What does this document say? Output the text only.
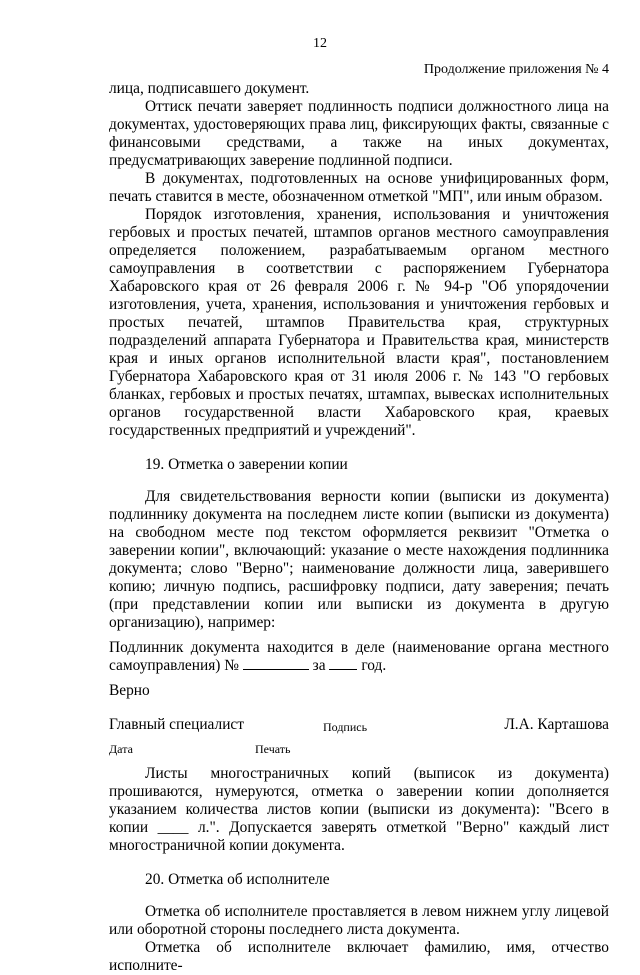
12
Продолжение приложения № 4

лица, подписавшего документ.

Оттиск печати заверяет подлинность подписи должностного лица на документах, удостоверяющих права лиц, фиксирующих факты, связанные с финансовыми средствами, а также на иных документах, предусматривающих заверение подлинной подписи.

В документах, подготовленных на основе унифицированных форм, печать ставится в месте, обозначенном отметкой "МП", или иным образом.

Порядок изготовления, хранения, использования и уничтожения гербовых и простых печатей, штампов органов местного самоуправления определяется положением, разрабатываемым органом местного самоуправления в соответствии с распоряжением Губернатора Хабаровского края от 26 февраля 2006 г. № 94-р "Об упорядочении изготовления, учета, хранения, использования и уничтожения гербовых и простых печатей, штампов Правительства края, структурных подразделений аппарата Губернатора и Правительства края, министерств края и иных органов исполнительной власти края", постановлением Губернатора Хабаровского края от 31 июля 2006 г. № 143 "О гербовых бланках, гербовых и простых печатях, штампах, вывесках исполнительных органов государственной власти Хабаровского края, краевых государственных предприятий и учреждений".

19. Отметка о заверении копии

Для свидетельствования верности копии (выписки из документа) подлиннику документа на последнем листе копии (выписки из документа) на свободном месте под текстом оформляется реквизит "Отметка о заверении копии", включающий: указание о месте нахождения подлинника документа; слово "Верно"; наименование должности лица, заверившего копию; личную подпись, расшифровку подписи, дату заверения; печать (при представлении копии или выписки из документа в другую организацию), например:

Подлинник документа находится в деле (наименование органа местного самоуправления) №	за год.

Верно

Главный специалист	Подпись	Л.А. Карташова
Дата	Печать

Листы многостраничных копий (выписок из документа) прошиваются, нумеруются, отметка о заверении копии дополняется указанием количества листов копии (выписки из документа): "Всего в копии ____ л.". Допускается заверять отметкой "Верно" каждый лист многостраничной копии документа.

20. Отметка об исполнителе

Отметка об исполнителе проставляется в левом нижнем углу лицевой или оборотной стороны последнего листа документа.

Отметка об исполнителе включает фамилию, имя, отчество исполните-
